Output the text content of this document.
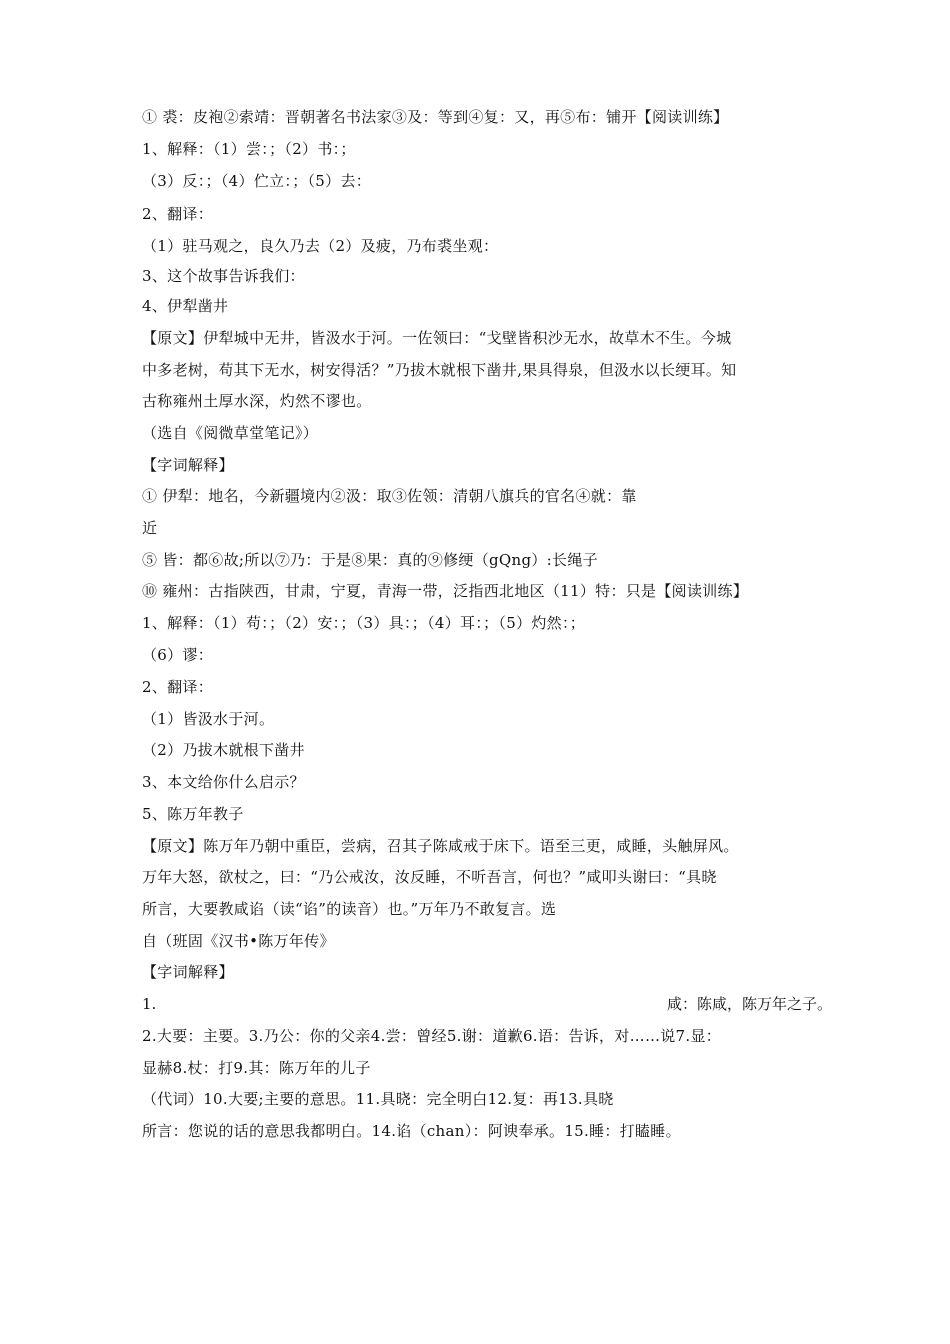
① 裘：皮袍②索靖：晋朝著名书法家③及：等到④复：又，再⑤布：铺开【阅读训练】
1、解释：（1）尝：；（2）书：；
（3）反：；（4）伫立：；（5）去：
2、翻译：
（1）驻马观之，良久乃去（2）及疲，乃布裘坐观：
3、这个故事告诉我们：
4、伊犁凿井
【原文】伊犁城中无井，皆汲水于河。一佐领曰：“戈壁皆积沙无水，故草木不生。今城
中多老树，苟其下无水，树安得活？”乃拔木就根下凿井,果具得泉，但汲水以长绠耳。知
古称雍州土厚水深，灼然不谬也。
（选自《阅微草堂笔记》）
【字词解释】
① 伊犁：地名，今新疆境内②汲：取③佐领：清朝八旗兵的官名④就：靠
近
⑤ 皆：都⑥故;所以⑦乃：于是⑧果：真的⑨修绠（gQng）:长绳子
⑩ 雍州：古指陕西，甘肃，宁夏，青海一带，泛指西北地区（11）特：只是【阅读训练】
1、解释：（1）苟：；（2）安：；（3）具：；（4）耳：；（5）灼然：；
（6）谬：
2、翻译：
（1）皆汲水于河。
（2）乃拔木就根下凿井
3、本文给你什么启示？
5、陈万年教子
【原文】陈万年乃朝中重臣，尝病，召其子陈咸戒于床下。语至三更，咸睡，头触屏风。
万年大怒，欲杖之，曰：“乃公戒汝，汝反睡，不听吾言，何也？”咸叩头谢曰：“具晓
所言，大要教咸谄（读“谄”的读音）也。”万年乃不敢复言。选
自（班固《汉书•陈万年传》
【字词解释】
1.	咸：陈咸，陈万年之子。
2.大要：主要。3.乃公：你的父亲4.尝：曾经5.谢：道歉6.语：告诉，对……说7.显：
显赫8.杖：打9.其：陈万年的儿子
（代词）10.大要;主要的意思。11.具晓：完全明白12.复：再13.具晓
所言：您说的话的意思我都明白。14.谄（chan）：阿谀奉承。15.睡：打瞌睡。
